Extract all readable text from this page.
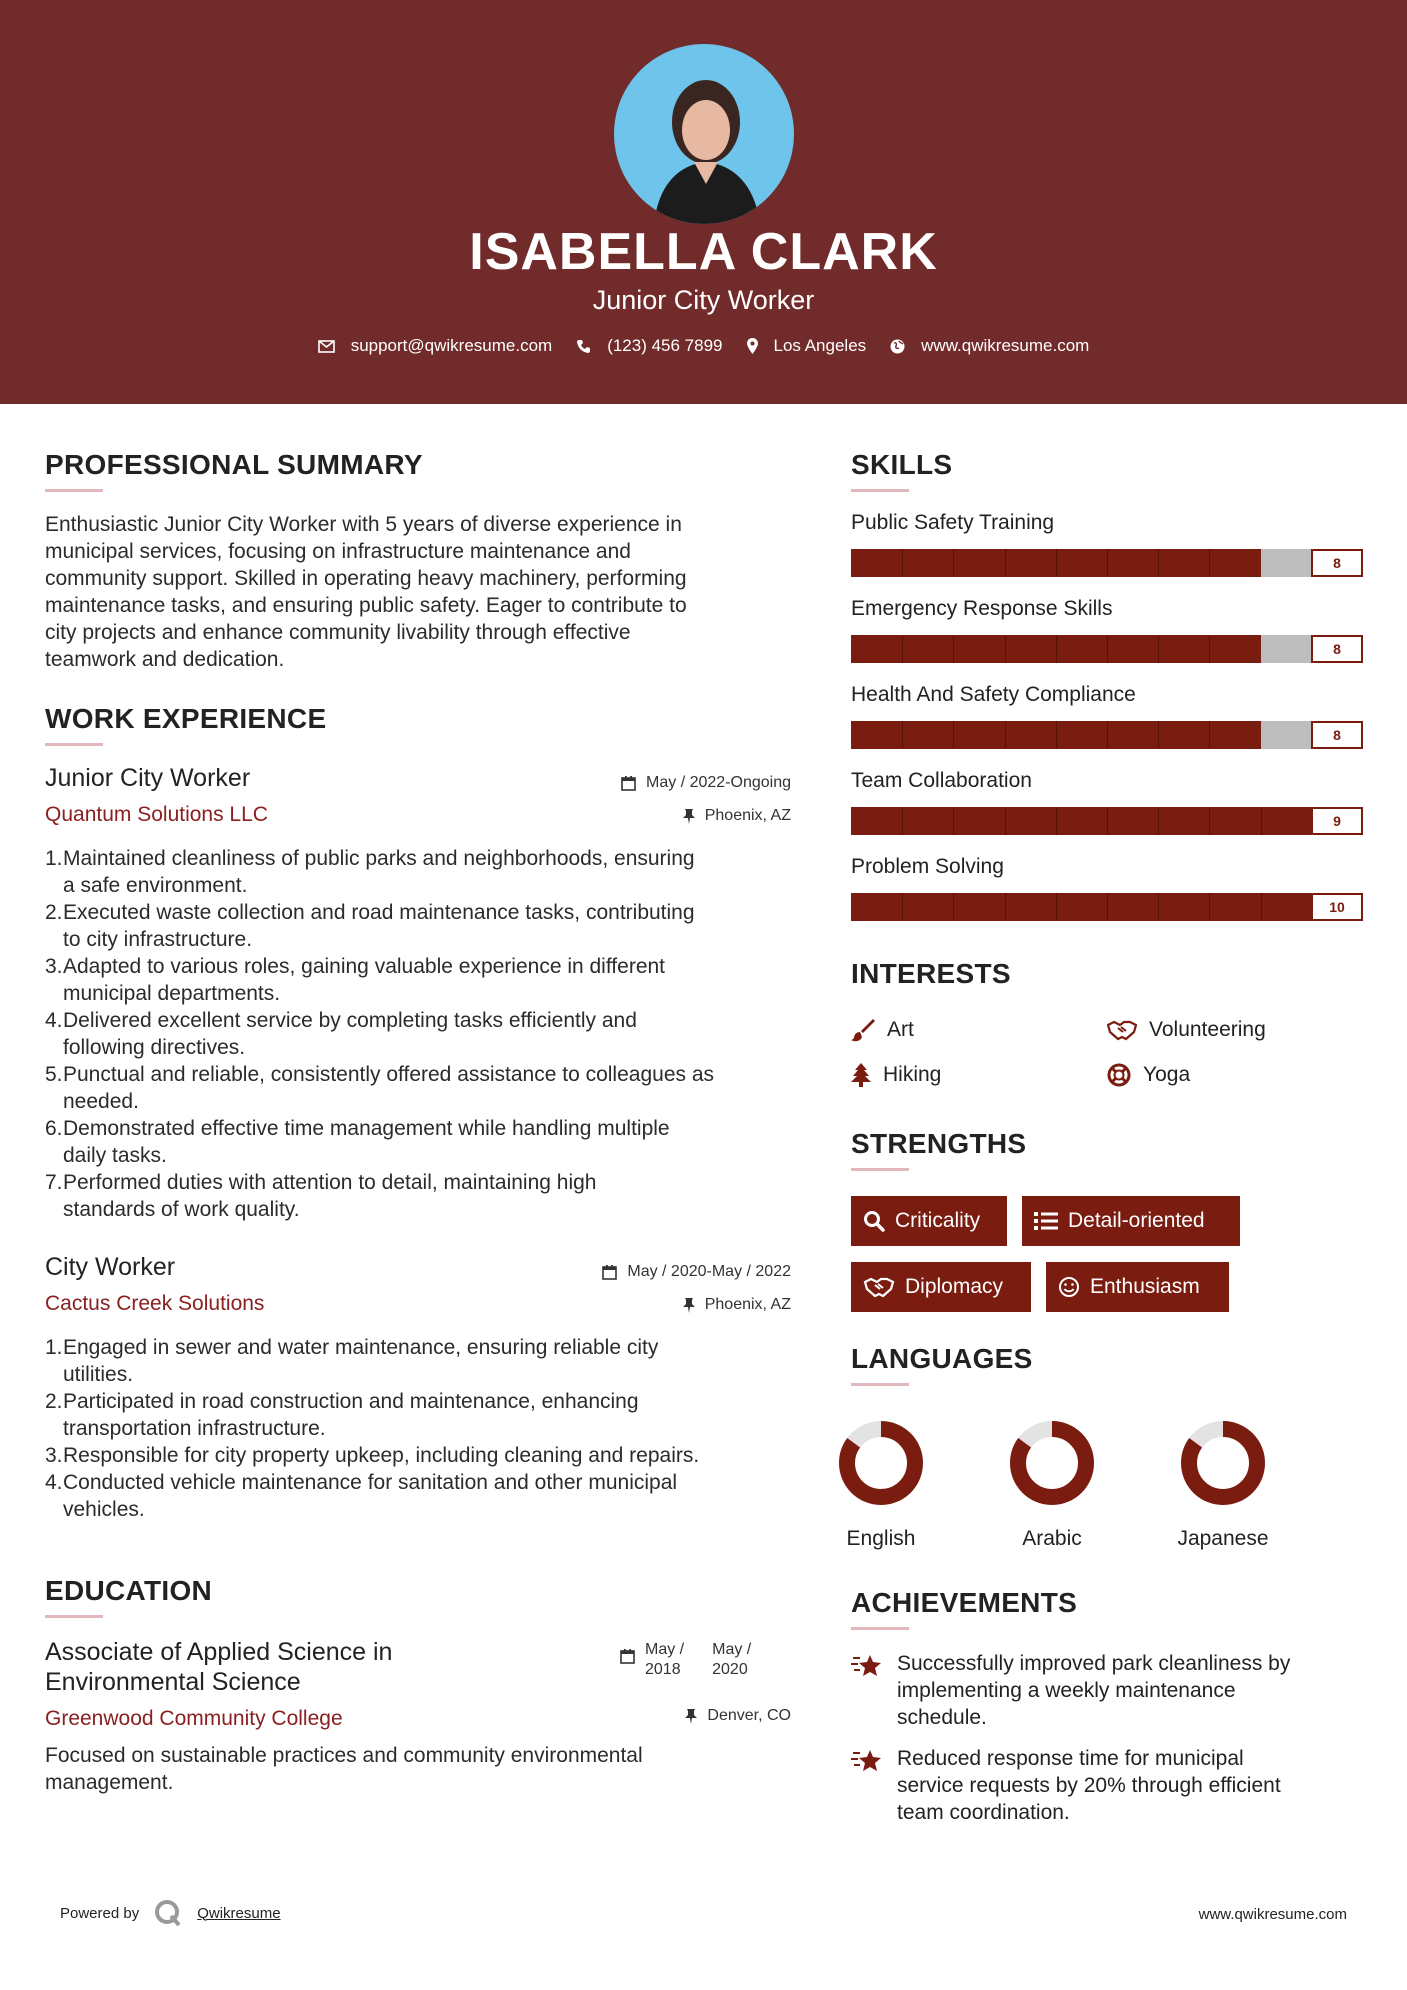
ISABELLA CLARK

Junior City Worker

support@qwikresume.com	(123) 456 7899	Los Angeles	www.qwikresume.com
PROFESSIONAL SUMMARY
Enthusiastic Junior City Worker with 5 years of diverse experience in
municipal services, focusing on infrastructure maintenance and
community support. Skilled in operating heavy machinery, performing
maintenance tasks, and ensuring public safety. Eager to contribute to
city projects and enhance community livability through effective
teamwork and dedication.
WORK EXPERIENCE

Junior City Worker

Quantum Solutions LLC

May / 2022-Ongoing
Phoenix, AZ
1. Maintained cleanliness of public parks and neighborhoods, ensuring
a safe environment.
2. Executed waste collection and road maintenance tasks, contributing
to city infrastructure.
3. Adapted to various roles, gaining valuable experience in different
municipal departments.
4. Delivered excellent service by completing tasks efficiently and
following directives.
5. Punctual and reliable, consistently offered assistance to colleagues as
needed.
6. Demonstrated effective time management while handling multiple
daily tasks.
7. Performed duties with attention to detail, maintaining high
standards of work quality.

City Worker

Cactus Creek Solutions

May / 2020-May / 2022
Phoenix, AZ
1. Engaged in sewer and water maintenance, ensuring reliable city
utilities.
2. Participated in road construction and maintenance, enhancing
transportation infrastructure.
3. Responsible for city property upkeep, including cleaning and repairs.
4. Conducted vehicle maintenance for sanitation and other municipal
vehicles.
EDUCATION
Associate of Applied Science in
Environmental Science

Greenwood Community College

May /
2018
May /
2020
Denver, CO
Focused on sustainable practices and community environmental
management.
SKILLS

Public Safety Training

8

Emergency Response Skills

8

Health And Safety Compliance

8

Team Collaboration

9

Problem Solving

10
INTERESTS
Art	Volunteering
Hiking	Yoga
STRENGTHS
Criticality	Detail-oriented
Diplomacy	Enthusiasm
LANGUAGES
English	Arabic	Japanese
ACHIEVEMENTS
Successfully improved park cleanliness by
implementing a weekly maintenance
schedule.
Reduced response time for municipal
service requests by 20% through efficient
team coordination.
Powered by	Qwikresume	www.qwikresume.com
